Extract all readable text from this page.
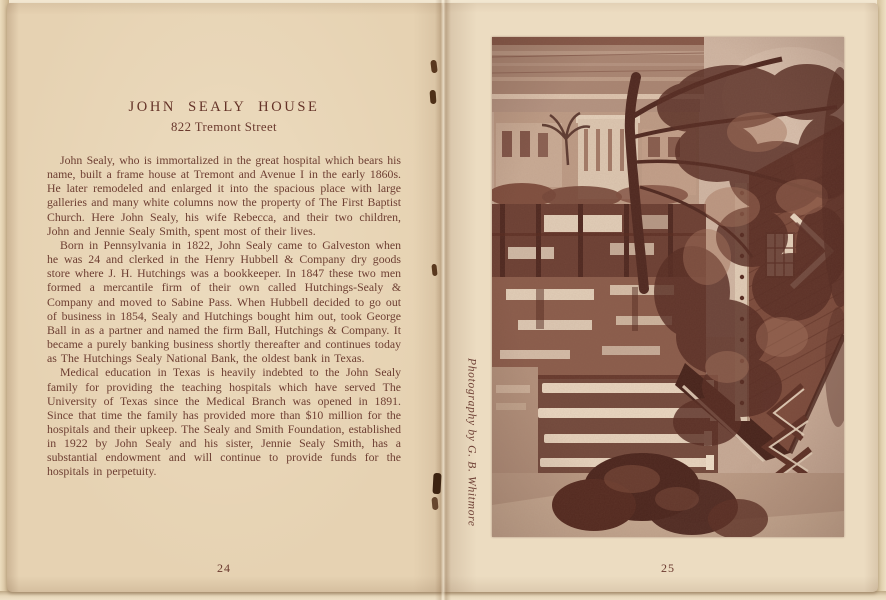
JOHN SEALY HOUSE
822 Tremont Street

John Sealy, who is immortalized in the great hospital which bears his name, built a frame house at Tremont and Avenue I in the early 1860s. He later remodeled and enlarged it into the spacious place with large galleries and many white columns now the property of The First Baptist Church. Here John Sealy, his wife Rebecca, and their two children, John and Jennie Sealy Smith, spent most of their lives.

Born in Pennsylvania in 1822, John Sealy came to Galveston when he was 24 and clerked in the Henry Hubbell & Company dry goods store where J. H. Hutchings was a bookkeeper. In 1847 these two men formed a mercantile firm of their own called Hutchings-Sealy & Company and moved to Sabine Pass. When Hubbell decided to go out of business in 1854, Sealy and Hutchings bought him out, took George Ball in as a partner and named the firm Ball, Hutchings & Company. It became a purely banking business shortly thereafter and continues today as The Hutchings Sealy National Bank, the oldest bank in Texas.

Medical education in Texas is heavily indebted to the John Sealy family for providing the teaching hospitals which have served The University of Texas since the Medical Branch was opened in 1891. Since that time the family has provided more than $10 million for the hospitals and their upkeep. The Sealy and Smith Foundation, established in 1922 by John Sealy and his sister, Jennie Sealy Smith, has a substantial endowment and will continue to provide funds for the hospitals in perpetuity.

24
Photography by G. B. Whitmore
25
